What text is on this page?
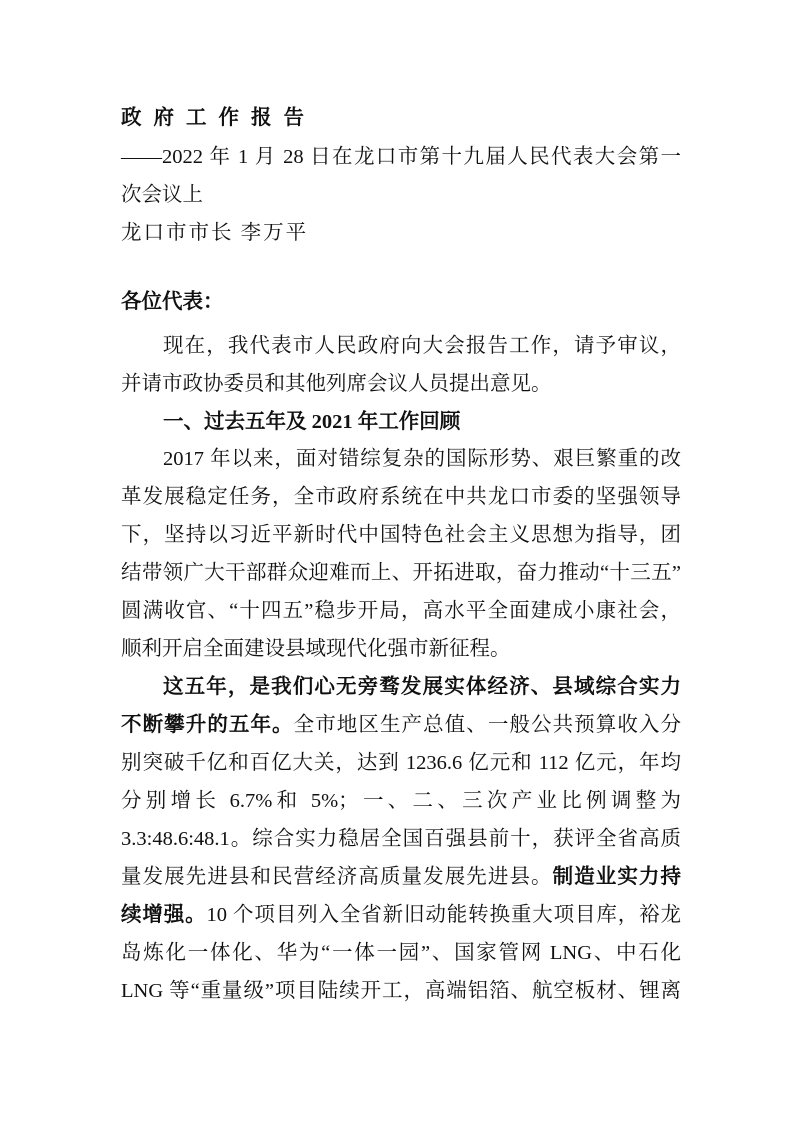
政府工作报告
——2022 年 1 月 28 日在龙口市第十九届人民代表大会第一
次会议上
龙口市市长 李万平
各位代表：
现在，我代表市人民政府向大会报告工作，请予审议，
并请市政协委员和其他列席会议人员提出意见。
一、过去五年及 2021 年工作回顾
2017 年以来，面对错综复杂的国际形势、艰巨繁重的改
革发展稳定任务，全市政府系统在中共龙口市委的坚强领导
下，坚持以习近平新时代中国特色社会主义思想为指导，团
结带领广大干部群众迎难而上、开拓进取，奋力推动“十三五”
圆满收官、“十四五”稳步开局，高水平全面建成小康社会，
顺利开启全面建设县域现代化强市新征程。
这五年，是我们心无旁骛发展实体经济、县域综合实力
不断攀升的五年。全市地区生产总值、一般公共预算收入分
别突破千亿和百亿大关，达到 1236.6 亿元和 112 亿元，年均
分别增长 6.7%和 5%；一、二、三次产业比例调整为
3.3:48.6:48.1。综合实力稳居全国百强县前十，获评全省高质
量发展先进县和民营经济高质量发展先进县。制造业实力持
续增强。10 个项目列入全省新旧动能转换重大项目库，裕龙
岛炼化一体化、华为“一体一园”、国家管网 LNG、中石化
LNG 等“重量级”项目陆续开工，高端铝箔、航空板材、锂离
